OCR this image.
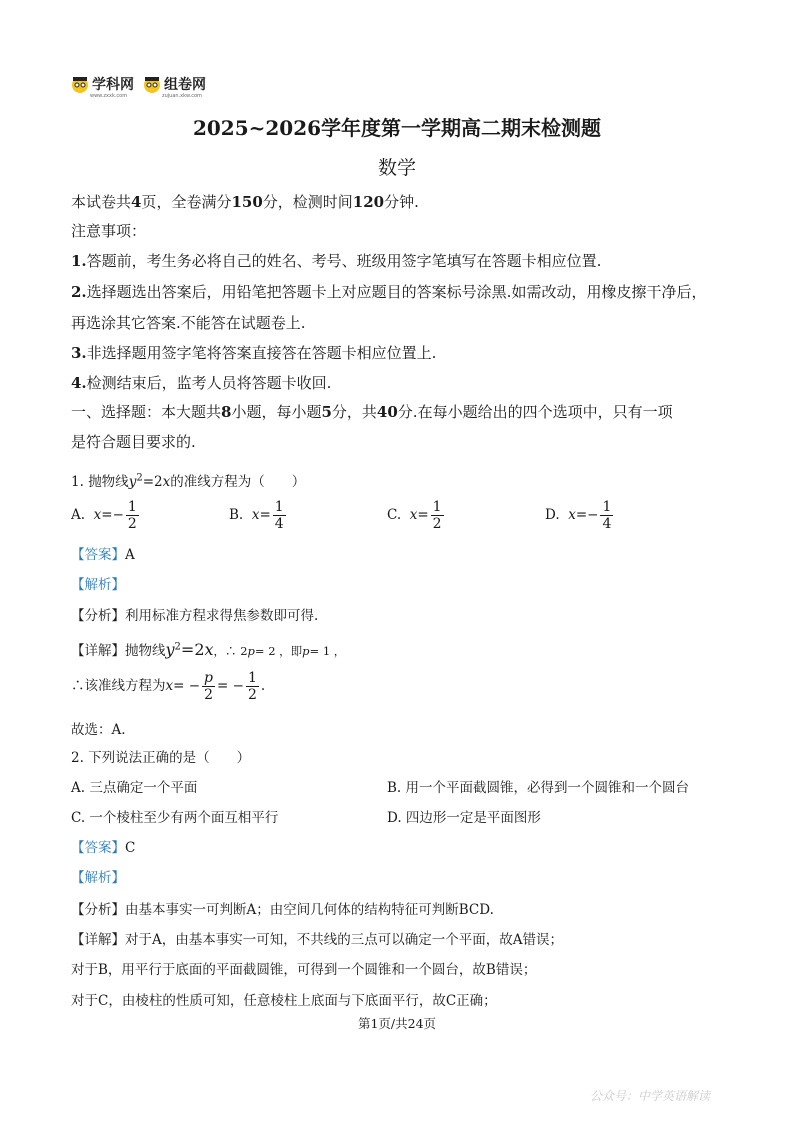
学科网
www.zxxk.com
组卷网
zujuan.xkw.com
2025~2026学年度第一学期高二期末检测题
数学
本试卷共4页，全卷满分150分，检测时间120分钟.
注意事项：
1.答题前，考生务必将自己的姓名、考号、班级用签字笔填写在答题卡相应位置.
2.选择题选出答案后，用铅笔把答题卡上对应题目的答案标号涂黑.如需改动，用橡皮擦干净后，
再选涂其它答案.不能答在试题卷上.
3.非选择题用签字笔将答案直接答在答题卡相应位置上.
4.检测结束后，监考人员将答题卡收回.
一、选择题：本大题共8小题，每小题5分，共40分.在每小题给出的四个选项中，只有一项
是符合题目要求的.
1. 抛物线$y^2=2x$的准线方程为（　　）
A. $x=- \frac{1}{2}$	B. $x= \frac{1}{4}$	C. $x= \frac{1}{2}$	D. $x=- \frac{1}{4}$
【答案】A
【解析】
【分析】利用标准方程求得焦参数即可得.
【详解】抛物线$y^2=2x$，∴ 2p= 2 ，即p= 1 ，
∴该准线方程为$x= - \frac{p}{2}$ = − $\frac{1}{2}$ .
故选：A.
2. 下列说法正确的是（　　）
A. 三点确定一个平面	B. 用一个平面截圆锥，必得到一个圆锥和一个圆台
C. 一个棱柱至少有两个面互相平行	D. 四边形一定是平面图形
【答案】C
【解析】
【分析】由基本事实一可判断A；由空间几何体的结构特征可判断BCD.
【详解】对于A，由基本事实一可知，不共线的三点可以确定一个平面，故A错误；
对于B，用平行于底面的平面截圆锥，可得到一个圆锥和一个圆台，故B错误；
对于C，由棱柱的性质可知，任意棱柱上底面与下底面平行，故C正确；
第1页/共24页
公众号：中学英语解读
